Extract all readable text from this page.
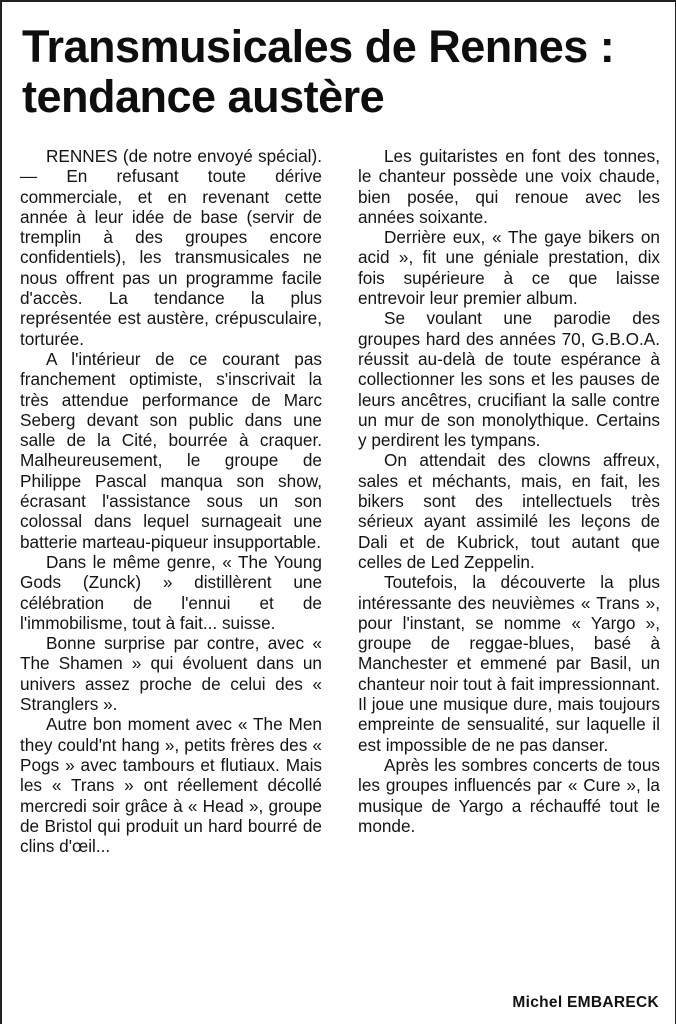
Transmusicales de Rennes :
tendance austère

RENNES (de notre envoyé spécial). — En refusant toute dérive commerciale, et en revenant cette année à leur idée de base (servir de tremplin à des groupes encore confidentiels), les transmusicales ne nous offrent pas un programme facile d'accès. La tendance la plus représentée est austère, crépusculaire, torturée.

A l'intérieur de ce courant pas franchement optimiste, s'inscrivait la très attendue performance de Marc Seberg devant son public dans une salle de la Cité, bourrée à craquer. Malheureusement, le groupe de Philippe Pascal manqua son show, écrasant l'assistance sous un son colossal dans lequel surnageait une batterie marteau-piqueur insupportable.

Dans le même genre, « The Young Gods (Zunck) » distillèrent une célébration de l'ennui et de l'immobilisme, tout à fait... suisse.

Bonne surprise par contre, avec « The Shamen » qui évoluent dans un univers assez proche de celui des « Stranglers ».

Autre bon moment avec « The Men they could'nt hang », petits frères des « Pogs » avec tambours et flutiaux. Mais les « Trans » ont réellement décollé mercredi soir grâce à « Head », groupe de Bristol qui produit un hard bourré de clins d'œil...

Les guitaristes en font des tonnes, le chanteur possède une voix chaude, bien posée, qui renoue avec les années soixante.

Derrière eux, « The gaye bikers on acid », fit une géniale prestation, dix fois supérieure à ce que laisse entrevoir leur premier album.

Se voulant une parodie des groupes hard des années 70, G.B.O.A. réussit au-delà de toute espérance à collectionner les sons et les pauses de leurs ancêtres, crucifiant la salle contre un mur de son monolythique. Certains y perdirent les tympans.

On attendait des clowns affreux, sales et méchants, mais, en fait, les bikers sont des intellectuels très sérieux ayant assimilé les leçons de Dali et de Kubrick, tout autant que celles de Led Zeppelin.

Toutefois, la découverte la plus intéressante des neuvièmes « Trans », pour l'instant, se nomme « Yargo », groupe de reggae-blues, basé à Manchester et emmené par Basil, un chanteur noir tout à fait impressionnant. Il joue une musique dure, mais toujours empreinte de sensualité, sur laquelle il est impossible de ne pas danser.

Après les sombres concerts de tous les groupes influencés par « Cure », la musique de Yargo a réchauffé tout le monde.

Michel EMBARECK
